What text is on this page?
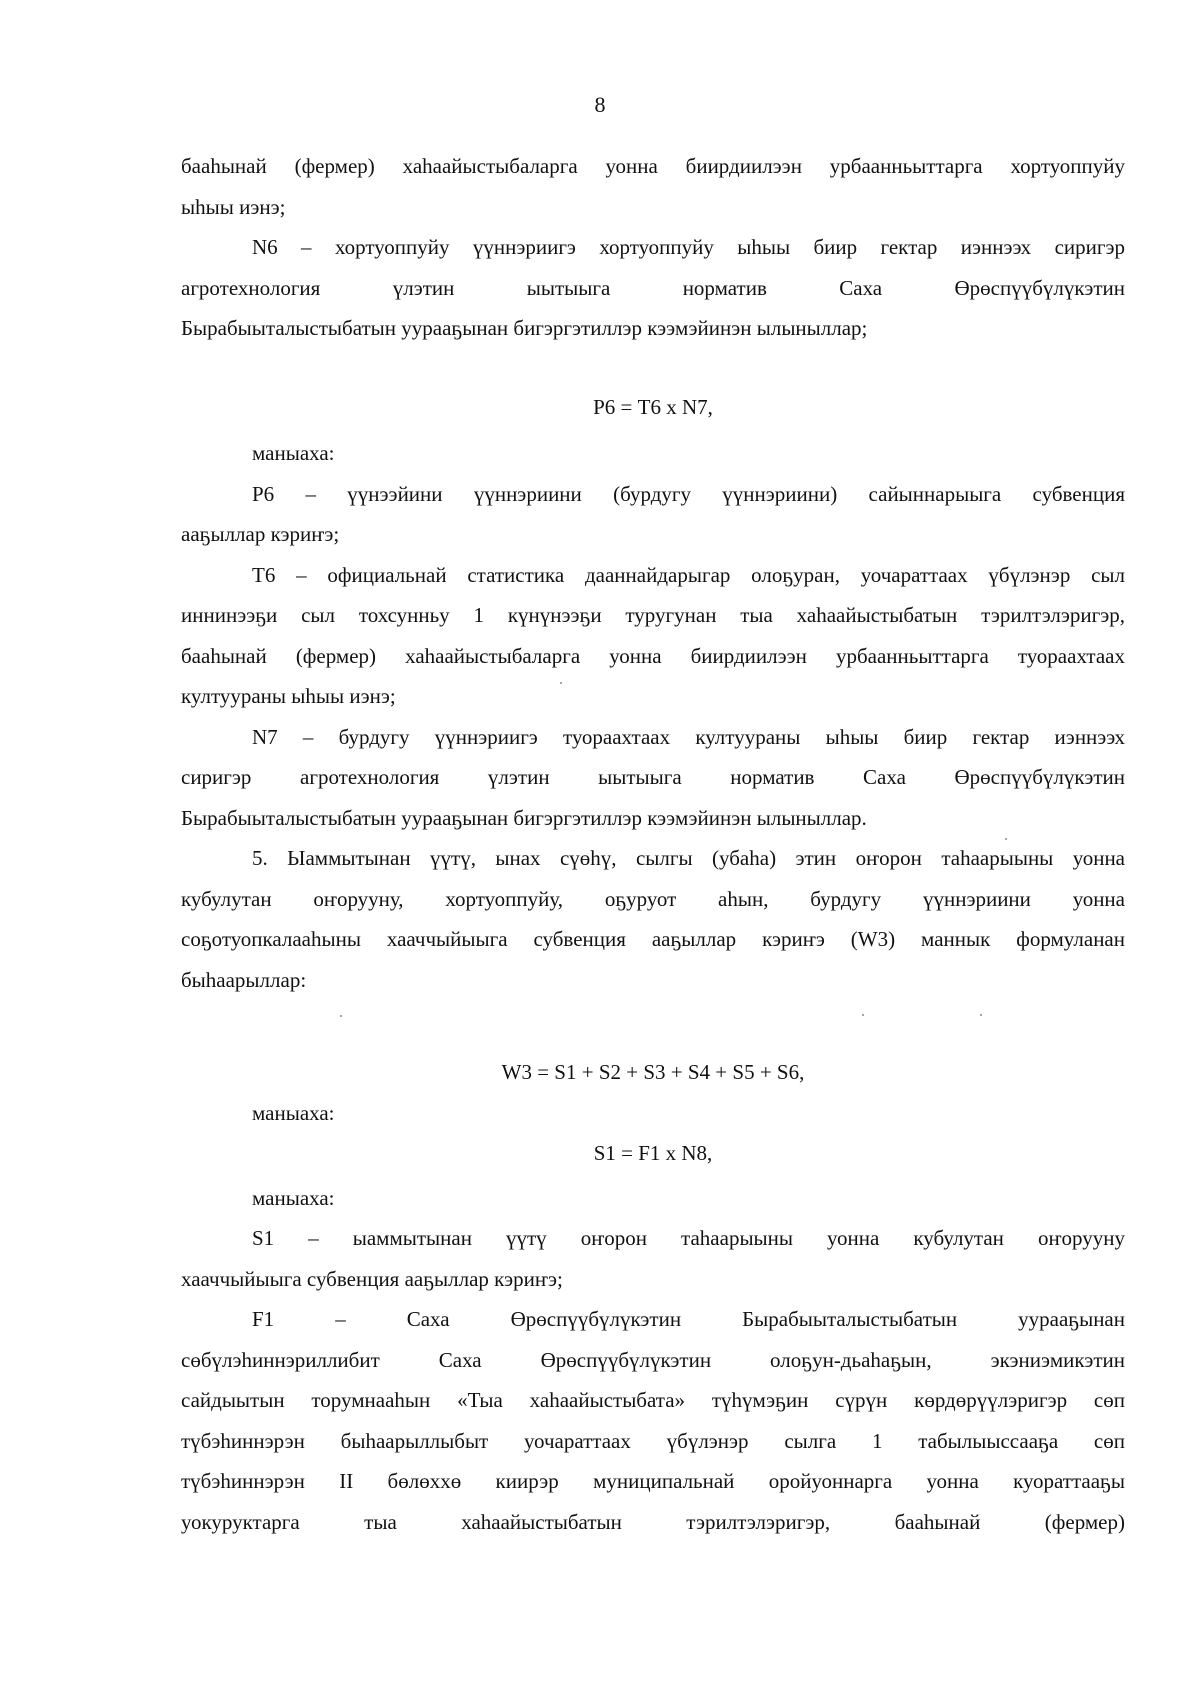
8
бааһынай (фермер) хаһаайыстыбаларга уонна биирдиилээн урбаанньыттарга хортуоппуйу
ыһыы иэнэ;
N6 – хортуоппуйу үүннэриигэ хортуоппуйу ыһыы биир гектар иэннээх сиригэр
агротехнология үлэтин ыытыыга норматив Саха Өрөспүүбүлүкэтин
Бырабыыталыстыбатын уурааҕынан бигэргэтиллэр кээмэйинэн ылыныллар;
Р6 = Т6 х N7,
маныаха:
Р6 – үүнээйини үүннэриини (бурдугу үүннэриини) сайыннарыыга субвенция
ааҕыллар кэриҥэ;
Т6 – официальнай статистика дааннайдарыгар олоҕуран, уочараттаах үбүлэнэр сыл
иннинээҕи сыл тохсунньу 1 күнүнээҕи туругунан тыа хаһаайыстыбатын тэрилтэлэригэр,
бааһынай (фермер) хаһаайыстыбаларга уонна биирдиилээн урбаанньыттарга туораахтаах
култуураны ыһыы иэнэ;
N7 – бурдугу үүннэриигэ туораахтаах култуураны ыһыы биир гектар иэннээх
сиригэр агротехнология үлэтин ыытыыга норматив Саха Өрөспүүбүлүкэтин
Бырабыыталыстыбатын уурааҕынан бигэргэтиллэр кээмэйинэн ылыныллар.
5. Ыаммытынан үүтү, ынах сүөһү, сылгы (убаһа) этин оҥорон таһаарыыны уонна
кубулутан оҥорууну, хортуоппуйу, оҕуруот аһын, бурдугу үүннэриини уонна
соҕотуопкалааһыны хааччыйыыга субвенция ааҕыллар кэриҥэ (W3) маннык формуланан
быһаарыллар:
W3 = S1 + S2 + S3 + S4 + S5 + S6,
маныаха:
S1 = F1 х N8,
маныаха:
S1 – ыаммытынан үүтү оҥорон таһаарыыны уонна кубулутан оҥорууну
хааччыйыыга субвенция ааҕыллар кэриҥэ;
F1 – Саха Өрөспүүбүлүкэтин Бырабыыталыстыбатын уурааҕынан
сөбүлэһиннэриллибит Саха Өрөспүүбүлүкэтин олоҕун-дьаһаҕын, экэниэмикэтин
сайдыытын торумнааһын «Тыа хаһаайыстыбата» түһүмэҕин сүрүн көрдөрүүлэригэр сөп
түбэһиннэрэн быһаарыллыбыт уочараттаах үбүлэнэр сылга 1 табылыыссааҕа сөп
түбэһиннэрэн II бөлөххө киирэр муниципальнай оройуоннарга уонна куораттааҕы
уокуруктарга тыа хаһаайыстыбатын тэрилтэлэригэр, бааһынай (фермер)
